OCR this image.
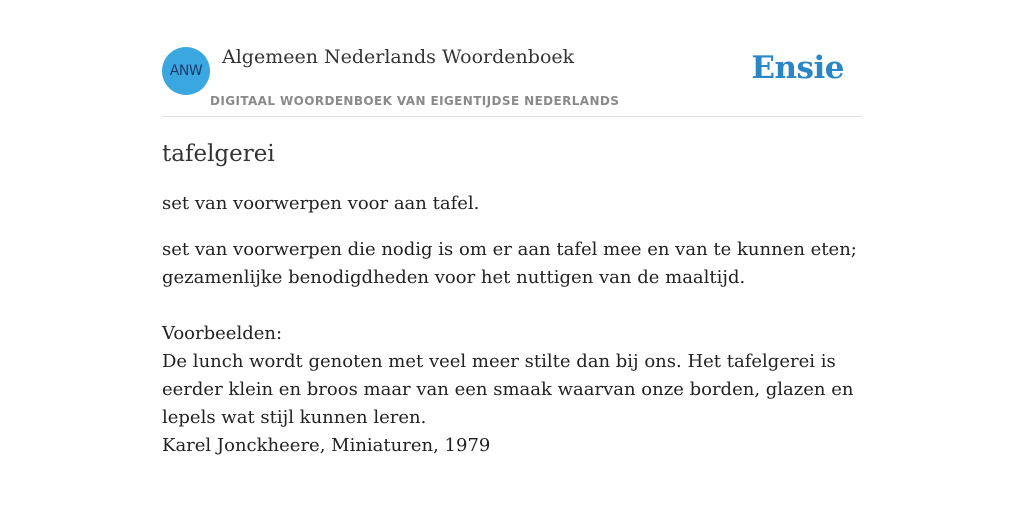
ANW
Algemeen Nederlands Woordenboek
DIGITAAL WOORDENBOEK VAN EIGENTIJDSE NEDERLANDS
Ensie
tafelgerei

set van voorwerpen voor aan tafel.

set van voorwerpen die nodig is om er aan tafel mee en van te kunnen eten; gezamenlijke benodigdheden voor het nuttigen van de maaltijd.

Voorbeelden:

De lunch wordt genoten met veel meer stilte dan bij ons. Het tafelgerei is eerder klein en broos maar van een smaak waarvan onze borden, glazen en lepels wat stijl kunnen leren.

Karel Jonckheere, Miniaturen, 1979
